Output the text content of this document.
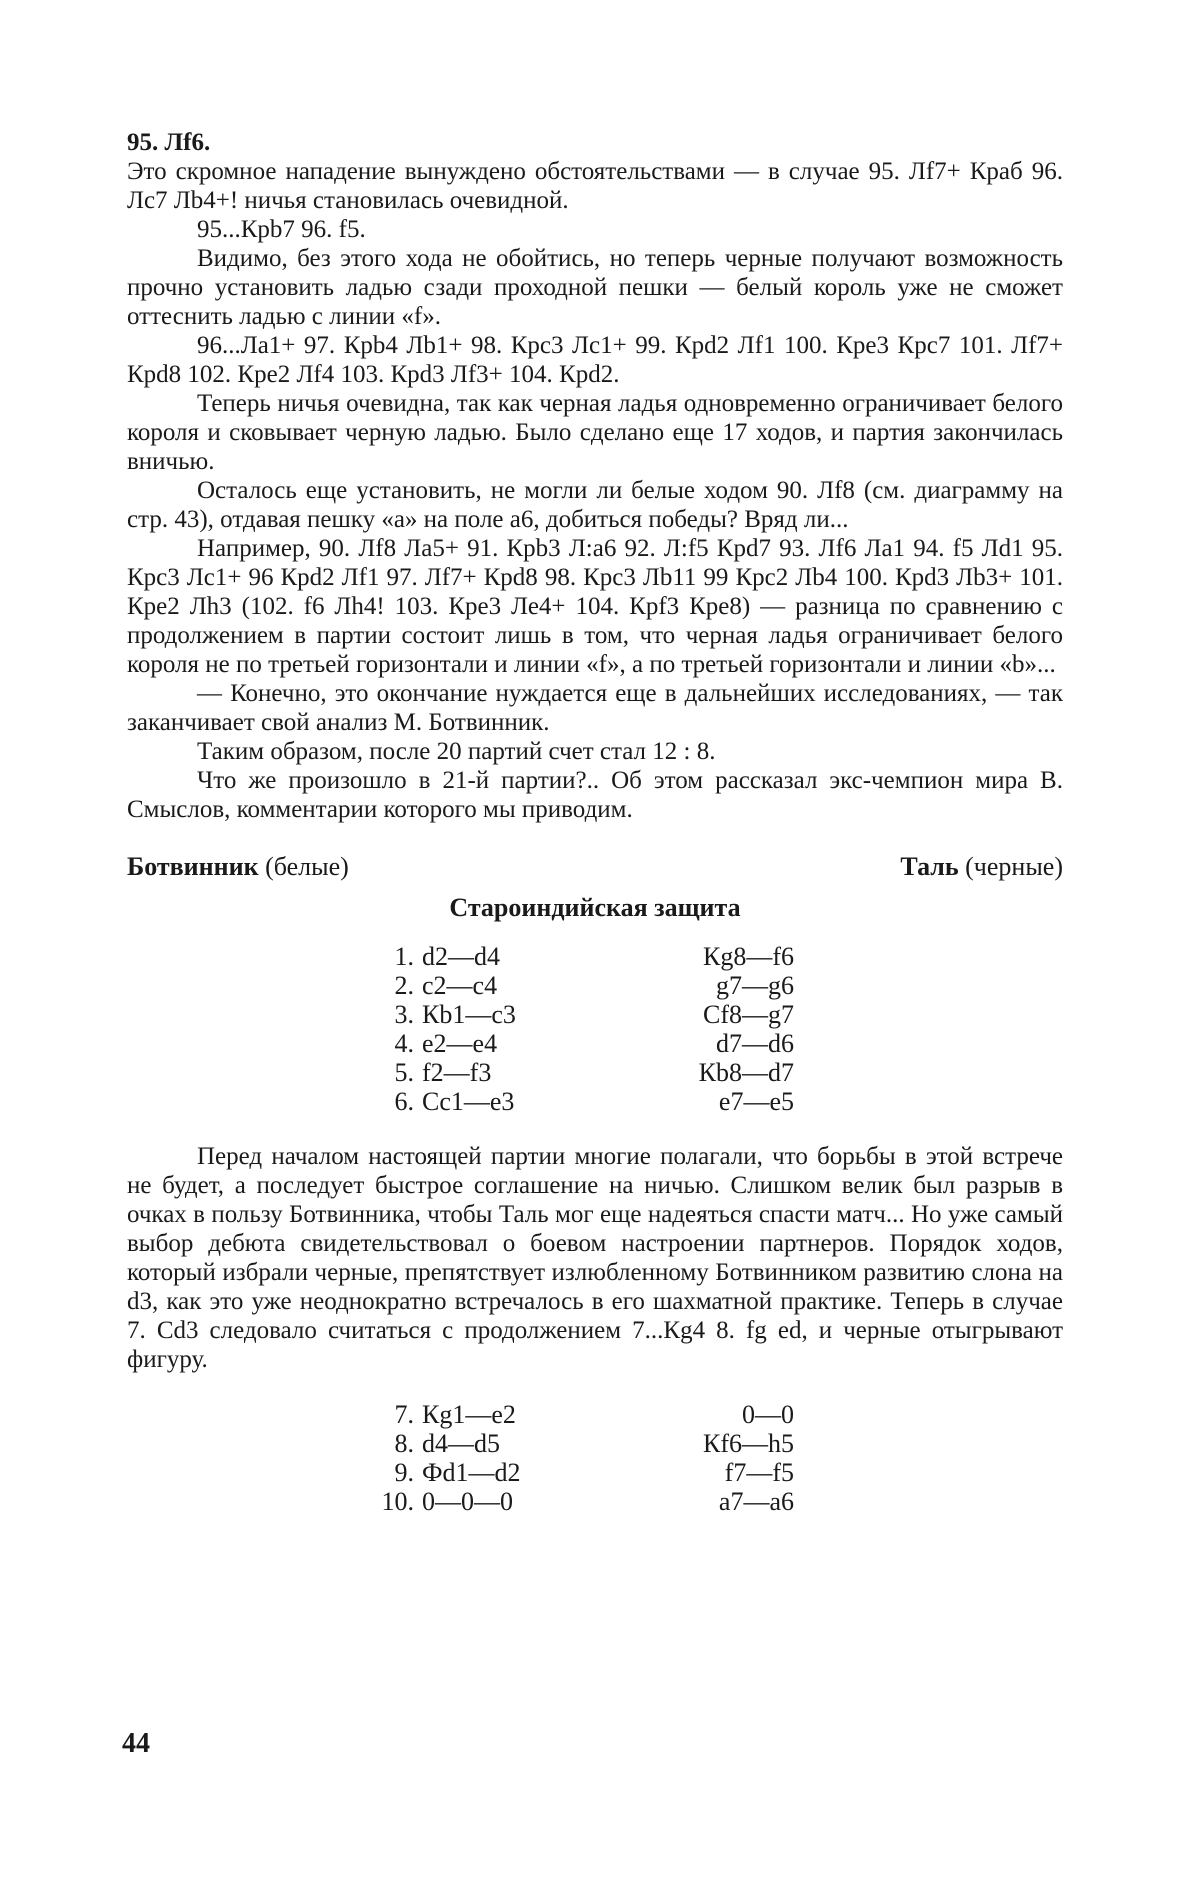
95. Лf6.

Это скромное нападение вынуждено обстоятельствами — в случае 95. Лf7+ Краб 96. Лс7 Лb4+! ничья становилась очевидной.

95...Крb7 96. f5.

Видимо, без этого хода не обойтись, но теперь черные получают возможность прочно установить ладью сзади проходной пешки — белый король уже не сможет оттеснить ладью с линии «f».

96...Ла1+ 97. Крb4 Лb1+ 98. Крс3 Лс1+ 99. Крd2 Лf1 100. Кре3 Крс7 101. Лf7+ Крd8 102. Кре2 Лf4 103. Крd3 Лf3+ 104. Крd2.

Теперь ничья очевидна, так как черная ладья одновременно ограничивает белого короля и сковывает черную ладью. Было сделано еще 17 ходов, и партия закончилась вничью.

Осталось еще установить, не могли ли белые ходом 90. Лf8 (см. диаграмму на стр. 43), отдавая пешку «а» на поле а6, добиться победы? Вряд ли...

Например, 90. Лf8 Ла5+ 91. Крb3 Л:а6 92. Л:f5 Крd7 93. Лf6 Ла1 94. f5 Лd1 95. Крс3 Лс1+ 96 Крd2 Лf1 97. Лf7+ Крd8 98. Крс3 Лb11 99 Крс2 Лb4 100. Крd3 Лb3+ 101. Кре2 Лh3 (102. f6 Лh4! 103. Кре3 Ле4+ 104. Крf3 Кре8) — разница по сравнению с продолжением в партии состоит лишь в том, что черная ладья ограничивает белого короля не по третьей горизонтали и линии «f», а по третьей горизонтали и линии «b»...

— Конечно, это окончание нуждается еще в дальнейших исследованиях, — так заканчивает свой анализ М. Ботвинник.

Таким образом, после 20 партий счет стал 12 : 8.

Что же произошло в 21-й партии?.. Об этом рассказал экс-чемпион мира В. Смыслов, комментарии которого мы приводим.

Ботвинник (белые)	Таль (черные)
Староиндийская защита
1.	d2—d4	Кg8—f6
2.	c2—c4	g7—g6
3.	Кb1—c3	Сf8—g7
4.	e2—e4	d7—d6
5.	f2—f3	Кb8—d7
6.	Сc1—e3	e7—e5

Перед началом настоящей партии многие полагали, что борьбы в этой встрече не будет, а последует быстрое соглашение на ничью. Слишком велик был разрыв в очках в пользу Ботвинника, чтобы Таль мог еще надеяться спасти матч... Но уже самый выбор дебюта свидетельствовал о боевом настроении партнеров. Порядок ходов, который избрали черные, препятствует излюбленному Ботвинником развитию слона на d3, как это уже неоднократно встречалось в его шахматной практике. Теперь в случае 7. Сd3 следовало считаться с продолжением 7...Кg4 8. fg ed, и черные отыгрывают фигуру.

7.	Кg1—e2	0—0
8.	d4—d5	Кf6—h5
9.	Фd1—d2	f7—f5
10.	0—0—0	a7—a6
44
